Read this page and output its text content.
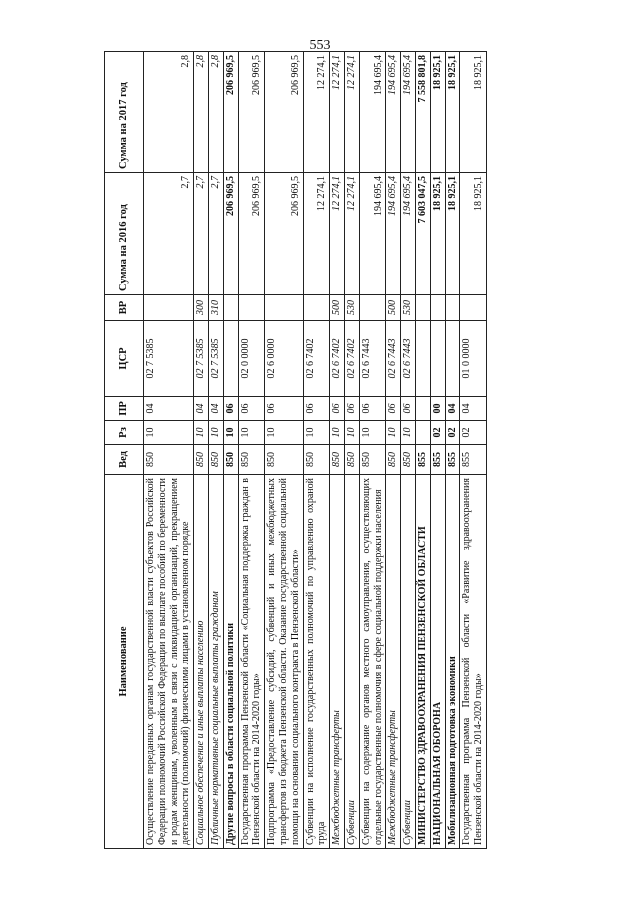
553
Наименование	Вед	Рз	ПР	ЦСР	ВР	Сумма на 2016 год	Сумма на 2017 год
Осуществление переданных органам государственной власти субъектов Российской Федерации полномочий Российской Федерации по выплате пособий по беременности и родам женщинам, уволенным в связи с ликвидацией организаций, прекращением деятельности (полномочий) физическими лицами в установленном порядке	850	10	04	02 7 5385		2,7	2,8
Социальное обеспечение и иные выплаты населению	850	10	04	02 7 5385	300	2,7	2,8
Публичные нормативные социальные выплаты гражданам	850	10	04	02 7 5385	310	2,7	2,8
Другие вопросы в области социальной политики	850	10	06			206 969,5	206 969,5
Государственная программа Пензенской области «Социальная поддержка граждан в Пензенской области на 2014-2020 годы»	850	10	06	02 0 0000		206 969,5	206 969,5
Подпрограмма «Предоставление субсидий, субвенций и иных межбюджетных трансфертов из бюджета Пензенской области. Оказание государственной социальной помощи на основании социального контракта в Пензенской области»	850	10	06	02 6 0000		206 969,5	206 969,5
Субвенции на исполнение государственных полномочий по управлению охраной труда	850	10	06	02 6 7402		12 274,1	12 274,1
Межбюджетные трансферты	850	10	06	02 6 7402	500	12 274,1	12 274,1
Субвенции	850	10	06	02 6 7402	530	12 274,1	12 274,1
Субвенции на содержание органов местного самоуправления, осуществляющих отдельные государственные полномочия в сфере социальной поддержки населения	850	10	06	02 6 7443		194 695,4	194 695,4
Межбюджетные трансферты	850	10	06	02 6 7443	500	194 695,4	194 695,4
Субвенции	850	10	06	02 6 7443	530	194 695,4	194 695,4
МИНИСТЕРСТВО ЗДРАВООХРАНЕНИЯ ПЕНЗЕНСКОЙ ОБЛАСТИ	855					7 603 047,5	7 558 801,8
НАЦИОНАЛЬНАЯ ОБОРОНА	855	02	00			18 925,1	18 925,1
Мобилизационная подготовка экономики	855	02	04			18 925,1	18 925,1
Государственная программа Пензенской области «Развитие здравоохранения Пензенской области на 2014-2020 годы»	855	02	04	01 0 0000		18 925,1	18 925,1
